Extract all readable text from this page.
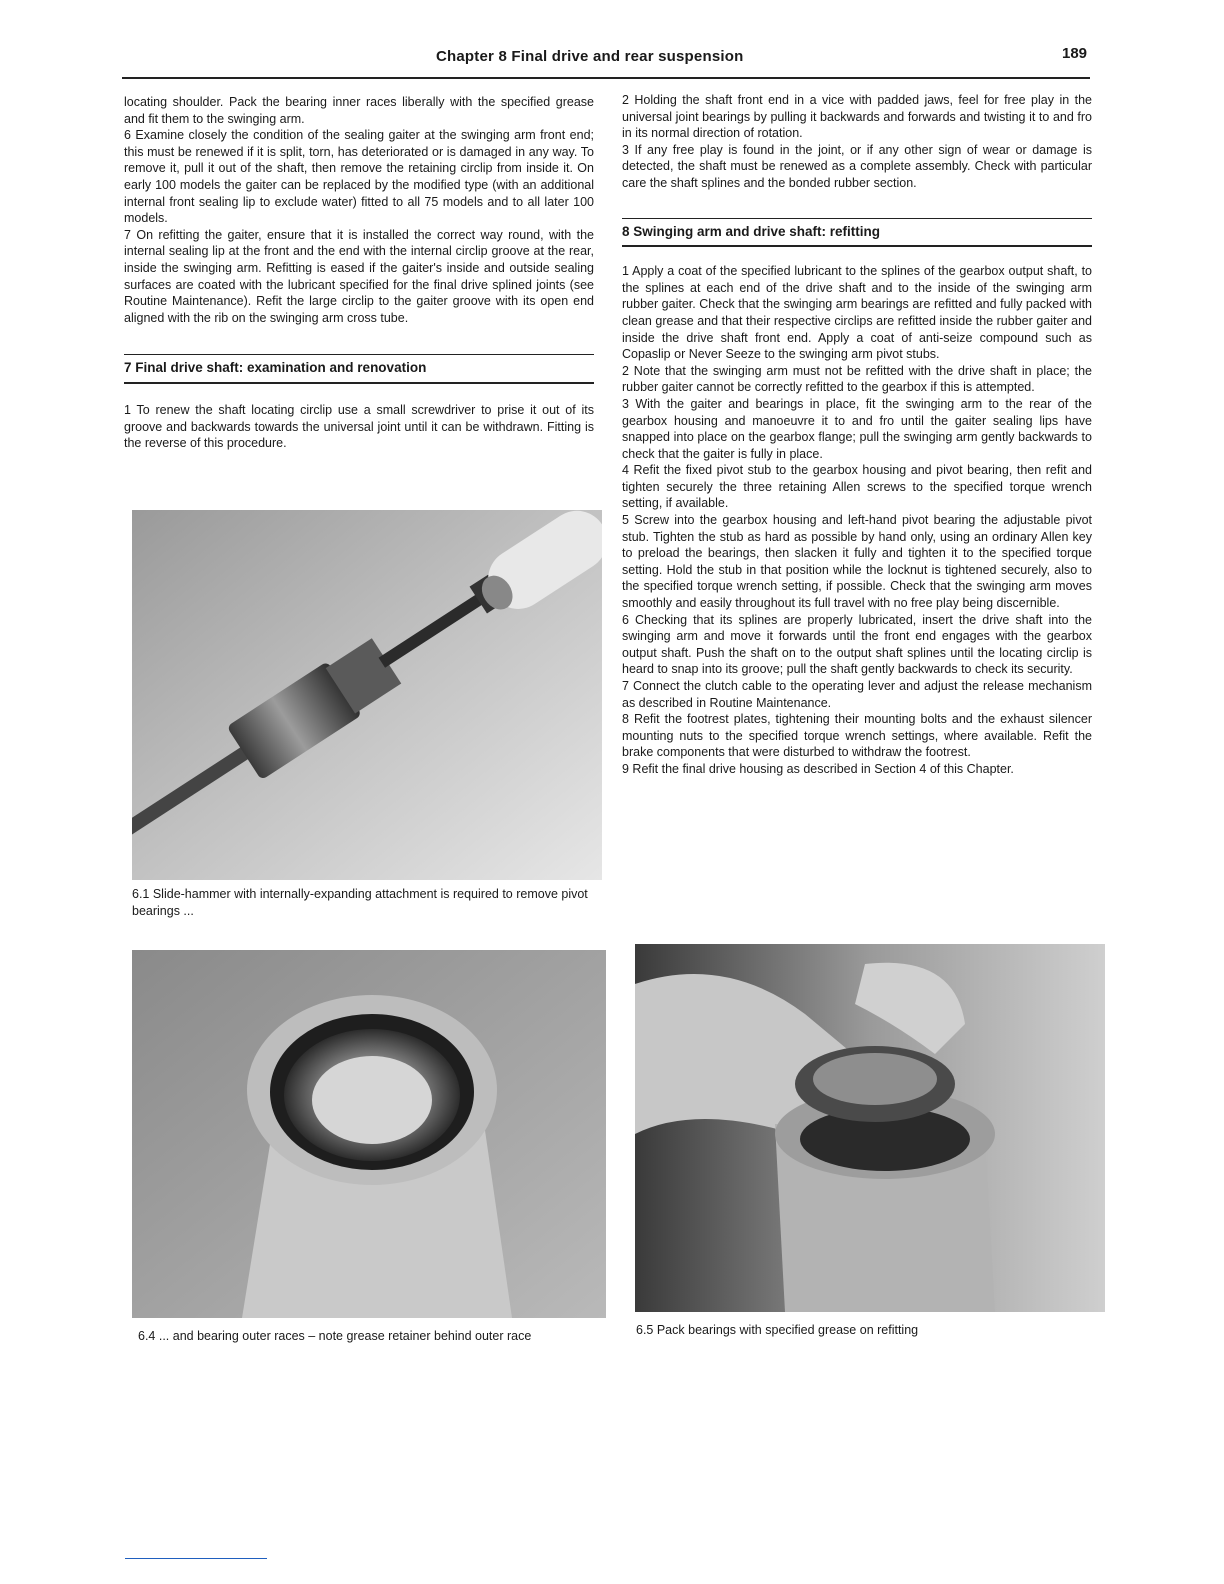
Chapter 8 Final drive and rear suspension	189

locating shoulder. Pack the bearing inner races liberally with the specified grease and fit them to the swinging arm.

6 Examine closely the condition of the sealing gaiter at the swinging arm front end; this must be renewed if it is split, torn, has deteriorated or is damaged in any way. To remove it, pull it out of the shaft, then remove the retaining circlip from inside it. On early 100 models the gaiter can be replaced by the modified type (with an additional internal front sealing lip to exclude water) fitted to all 75 models and to all later 100 models.

7 On refitting the gaiter, ensure that it is installed the correct way round, with the internal sealing lip at the front and the end with the internal circlip groove at the rear, inside the swinging arm. Refitting is eased if the gaiter's inside and outside sealing surfaces are coated with the lubricant specified for the final drive splined joints (see Routine Maintenance). Refit the large circlip to the gaiter groove with its open end aligned with the rib on the swinging arm cross tube.

7 Final drive shaft: examination and renovation

1 To renew the shaft locating circlip use a small screwdriver to prise it out of its groove and backwards towards the universal joint until it can be withdrawn. Fitting is the reverse of this procedure.

2 Holding the shaft front end in a vice with padded jaws, feel for free play in the universal joint bearings by pulling it backwards and forwards and twisting it to and fro in its normal direction of rotation.

3 If any free play is found in the joint, or if any other sign of wear or damage is detected, the shaft must be renewed as a complete assembly. Check with particular care the shaft splines and the bonded rubber section.

8 Swinging arm and drive shaft: refitting

1 Apply a coat of the specified lubricant to the splines of the gearbox output shaft, to the splines at each end of the drive shaft and to the inside of the swinging arm rubber gaiter. Check that the swinging arm bearings are refitted and fully packed with clean grease and that their respective circlips are refitted inside the rubber gaiter and inside the drive shaft front end. Apply a coat of anti-seize compound such as Copaslip or Never Seeze to the swinging arm pivot stubs.

2 Note that the swinging arm must not be refitted with the drive shaft in place; the rubber gaiter cannot be correctly refitted to the gearbox if this is attempted.

3 With the gaiter and bearings in place, fit the swinging arm to the rear of the gearbox housing and manoeuvre it to and fro until the gaiter sealing lips have snapped into place on the gearbox flange; pull the swinging arm gently backwards to check that the gaiter is fully in place.

4 Refit the fixed pivot stub to the gearbox housing and pivot bearing, then refit and tighten securely the three retaining Allen screws to the specified torque wrench setting, if available.

5 Screw into the gearbox housing and left-hand pivot bearing the adjustable pivot stub. Tighten the stub as hard as possible by hand only, using an ordinary Allen key to preload the bearings, then slacken it fully and tighten it to the specified torque setting. Hold the stub in that position while the locknut is tightened securely, also to the specified torque wrench setting, if possible. Check that the swinging arm moves smoothly and easily throughout its full travel with no free play being discernible.

6 Checking that its splines are properly lubricated, insert the drive shaft into the swinging arm and move it forwards until the front end engages with the gearbox output shaft. Push the shaft on to the output shaft splines until the locating circlip is heard to snap into its groove; pull the shaft gently backwards to check its security.

7 Connect the clutch cable to the operating lever and adjust the release mechanism as described in Routine Maintenance.

8 Refit the footrest plates, tightening their mounting bolts and the exhaust silencer mounting nuts to the specified torque wrench settings, where available. Refit the brake components that were disturbed to withdraw the footrest.

9 Refit the final drive housing as described in Section 4 of this Chapter.

6.1 Slide-hammer with internally-expanding attachment is required to remove pivot bearings ...
6.4 ... and bearing outer races – note grease retainer behind outer race	6.5 Pack bearings with specified grease on refitting
